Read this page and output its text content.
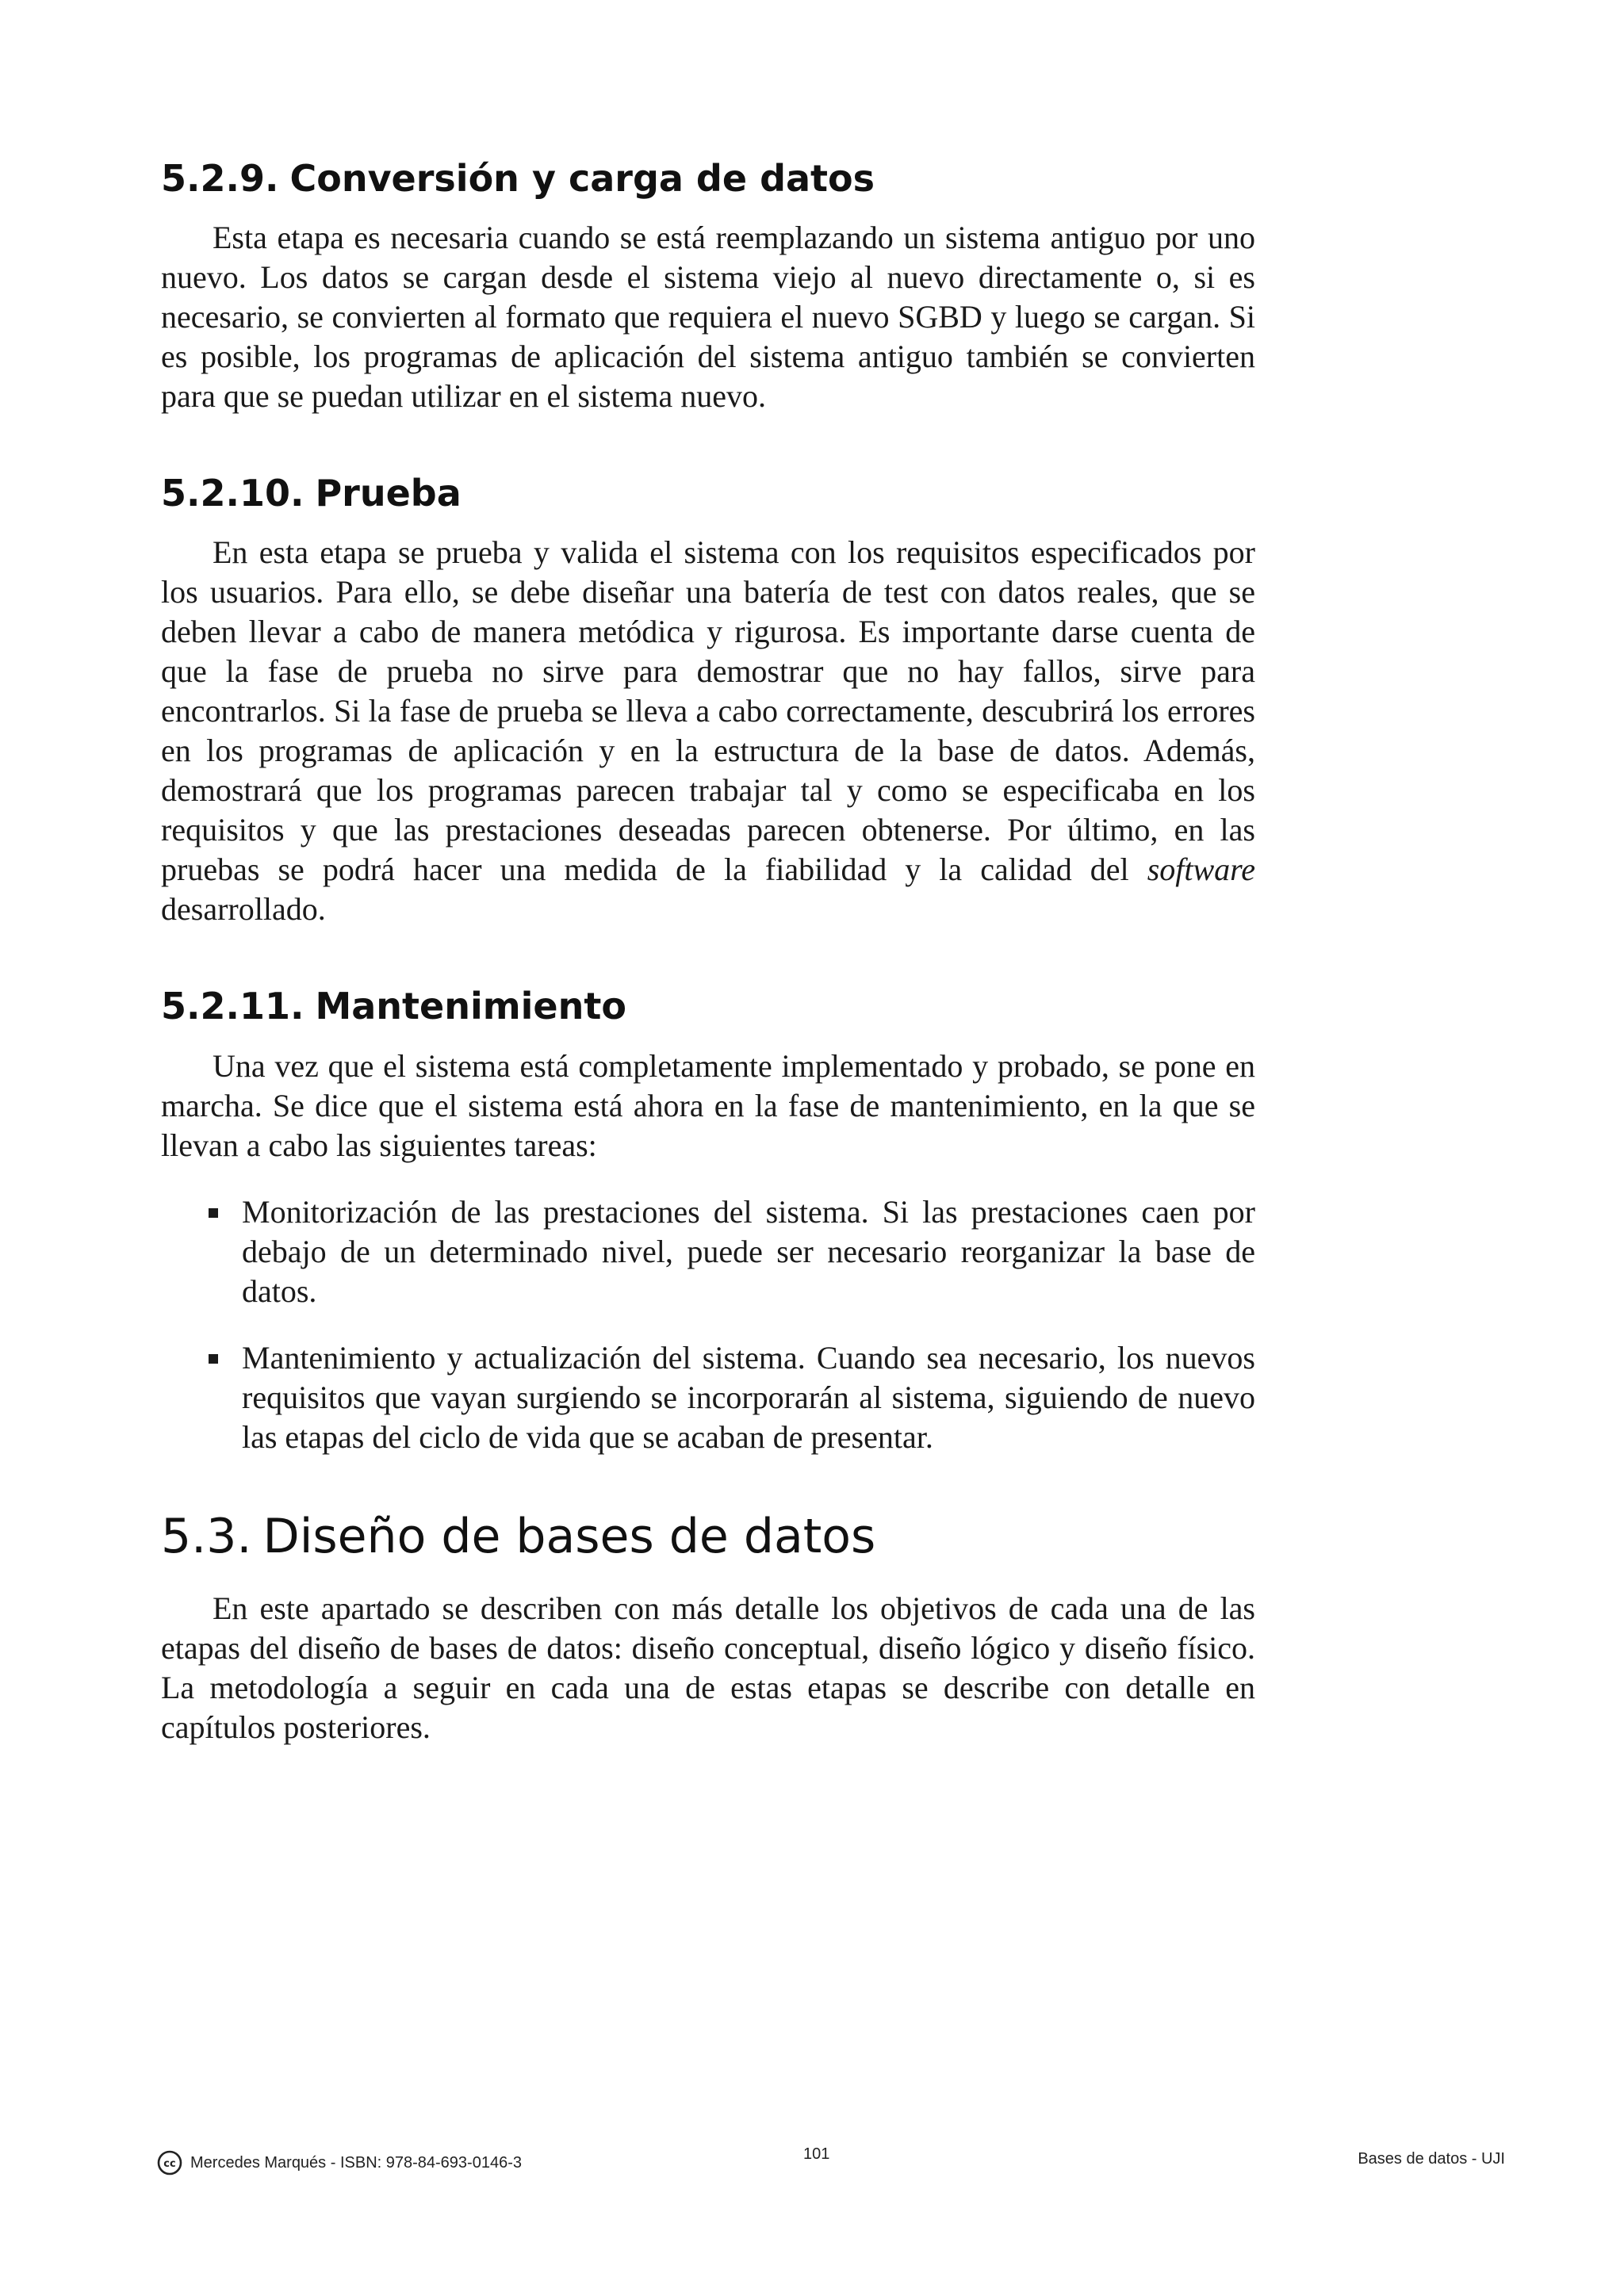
5.2.9. Conversión y carga de datos

Esta etapa es necesaria cuando se está reemplazando un sistema antiguo por uno nuevo. Los datos se cargan desde el sistema viejo al nuevo directamente o, si es necesario, se convierten al formato que requiera el nuevo SGBD y luego se cargan. Si es posible, los programas de aplicación del sistema antiguo también se convierten para que se puedan utilizar en el sistema nuevo.

5.2.10. Prueba

En esta etapa se prueba y valida el sistema con los requisitos especificados por los usuarios. Para ello, se debe diseñar una batería de test con datos reales, que se deben llevar a cabo de manera metódica y rigurosa. Es importante darse cuenta de que la fase de prueba no sirve para demostrar que no hay fallos, sirve para encontrarlos. Si la fase de prueba se lleva a cabo correctamente, descubrirá los errores en los programas de aplicación y en la estructura de la base de datos. Además, demostrará que los programas parecen trabajar tal y como se especificaba en los requisitos y que las prestaciones deseadas parecen obtenerse. Por último, en las pruebas se podrá hacer una medida de la fiabilidad y la calidad del software desarrollado.

5.2.11. Mantenimiento

Una vez que el sistema está completamente implementado y probado, se pone en marcha. Se dice que el sistema está ahora en la fase de mantenimiento, en la que se llevan a cabo las siguientes tareas:

Monitorización de las prestaciones del sistema. Si las prestaciones caen por debajo de un determinado nivel, puede ser necesario reorganizar la base de datos.
Mantenimiento y actualización del sistema. Cuando sea necesario, los nuevos requisitos que vayan surgiendo se incorporarán al sistema, siguiendo de nuevo las etapas del ciclo de vida que se acaban de presentar.
5.3. Diseño de bases de datos

En este apartado se describen con más detalle los objetivos de cada una de las etapas del diseño de bases de datos: diseño conceptual, diseño lógico y diseño físico. La metodología a seguir en cada una de estas etapas se describe con detalle en capítulos posteriores.

cc Mercedes Marqués - ISBN: 978-84-693-0146-3	101	Bases de datos - UJI
